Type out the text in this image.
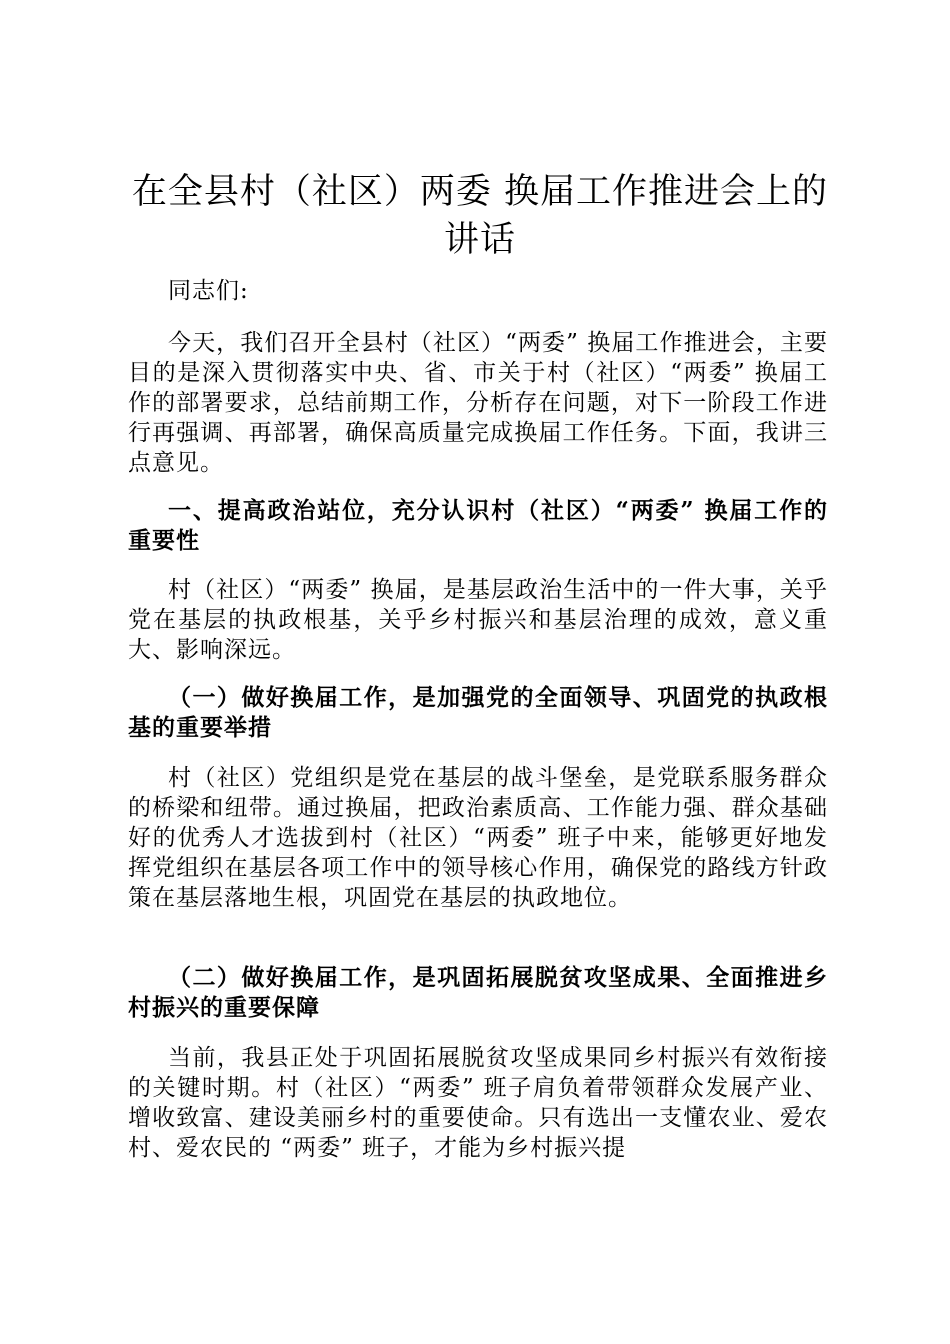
在全县村（社区）两委 换届工作推进会上的讲话

同志们:

今天，我们召开全县村（社区）“两委” 换届工作推进会，主要目的是深入贯彻落实中央、省、市关于村（社区）“两委” 换届工作的部署要求，总结前期工作，分析存在问题，对下一阶段工作进行再强调、再部署，确保高质量完成换届工作任务。下面，我讲三点意见。

一、提高政治站位，充分认识村（社区）“两委” 换届工作的重要性

村（社区）“两委” 换届，是基层政治生活中的一件大事，关乎党在基层的执政根基，关乎乡村振兴和基层治理的成效，意义重大、影响深远。

（一）做好换届工作，是加强党的全面领导、巩固党的执政根基的重要举措

村（社区）党组织是党在基层的战斗堡垒，是党联系服务群众的桥梁和纽带。通过换届，把政治素质高、工作能力强、群众基础好的优秀人才选拔到村（社区）“两委” 班子中来，能够更好地发挥党组织在基层各项工作中的领导核心作用，确保党的路线方针政策在基层落地生根，巩固党在基层的执政地位。

（二）做好换届工作，是巩固拓展脱贫攻坚成果、全面推进乡村振兴的重要保障

当前，我县正处于巩固拓展脱贫攻坚成果同乡村振兴有效衔接的关键时期。村（社区）“两委” 班子肩负着带领群众发展产业、增收致富、建设美丽乡村的重要使命。只有选出一支懂农业、爱农村、爱农民的 “两委” 班子，才能为乡村振兴提
